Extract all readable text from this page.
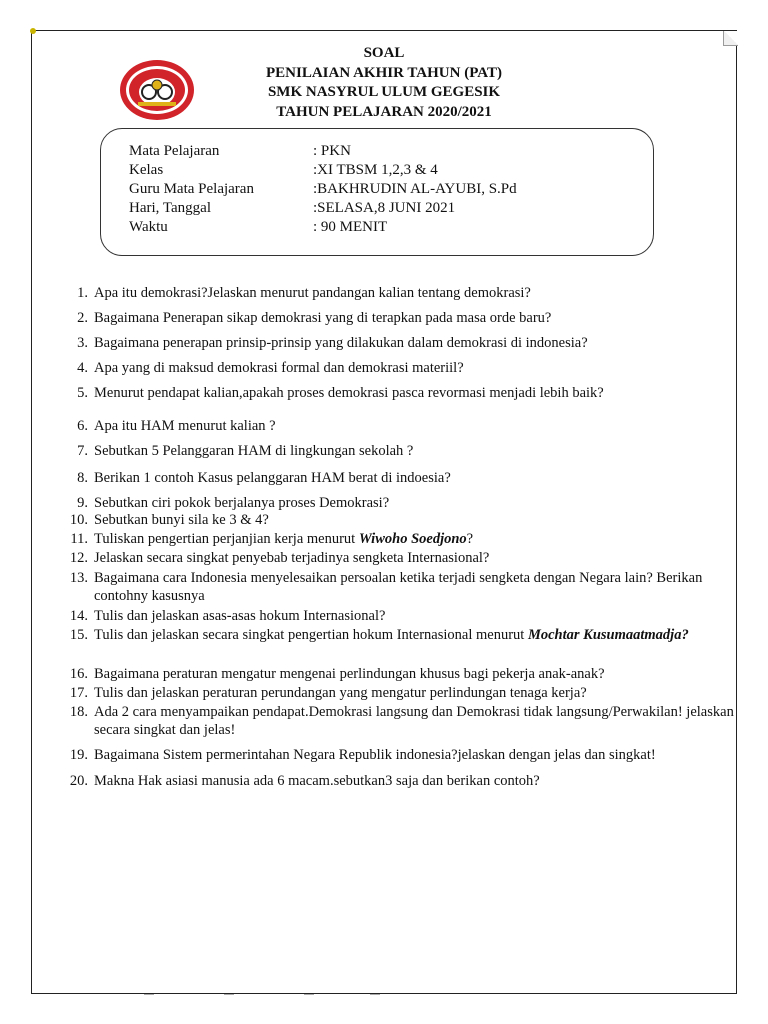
SOAL
PENILAIAN AKHIR TAHUN (PAT)
SMK NASYRUL ULUM GEGESIK
TAHUN PELAJARAN 2020/2021
Mata Pelajaran	: PKN
Kelas	:XI TBSM 1,2,3 & 4
Guru Mata Pelajaran	:BAKHRUDIN AL-AYUBI, S.Pd
Hari, Tanggal	:SELASA,8 JUNI 2021
Waktu	: 90 MENIT
1. Apa itu demokrasi?Jelaskan menurut pandangan kalian tentang demokrasi?
2. Bagaimana Penerapan sikap demokrasi yang di terapkan pada masa orde baru?
3. Bagaimana penerapan prinsip-prinsip yang dilakukan dalam demokrasi di indonesia?
4. Apa yang di maksud demokrasi formal dan demokrasi materiil?
5. Menurut pendapat kalian,apakah proses demokrasi pasca revormasi menjadi lebih baik?
6. Apa itu HAM menurut kalian ?
7. Sebutkan 5 Pelanggaran HAM di lingkungan sekolah ?
8. Berikan 1 contoh Kasus pelanggaran HAM berat di indoesia?
9. Sebutkan ciri pokok berjalanya proses Demokrasi?
10. Sebutkan bunyi sila ke 3 & 4?
11. Tuliskan pengertian perjanjian kerja menurut Wiwoho Soedjono?
12. Jelaskan secara singkat penyebab terjadinya sengketa Internasional?
13. Bagaimana cara Indonesia menyelesaikan persoalan ketika terjadi sengketa dengan Negara lain? Berikan contohny kasusnya
14. Tulis dan jelaskan asas-asas hokum Internasional?
15. Tulis dan jelaskan secara singkat pengertian hokum Internasional menurut Mochtar Kusumaatmadja?
16. Bagaimana peraturan mengatur mengenai perlindungan khusus bagi pekerja anak-anak?
17. Tulis dan jelaskan peraturan perundangan yang mengatur perlindungan tenaga kerja?
18. Ada 2 cara menyampaikan pendapat.Demokrasi langsung dan Demokrasi tidak langsung/Perwakilan! jelaskan secara singkat dan jelas!
19. Bagaimana Sistem permerintahan Negara Republik indonesia?jelaskan dengan jelas dan singkat!
20. Makna Hak asiasi manusia ada 6 macam.sebutkan3 saja dan berikan contoh?
